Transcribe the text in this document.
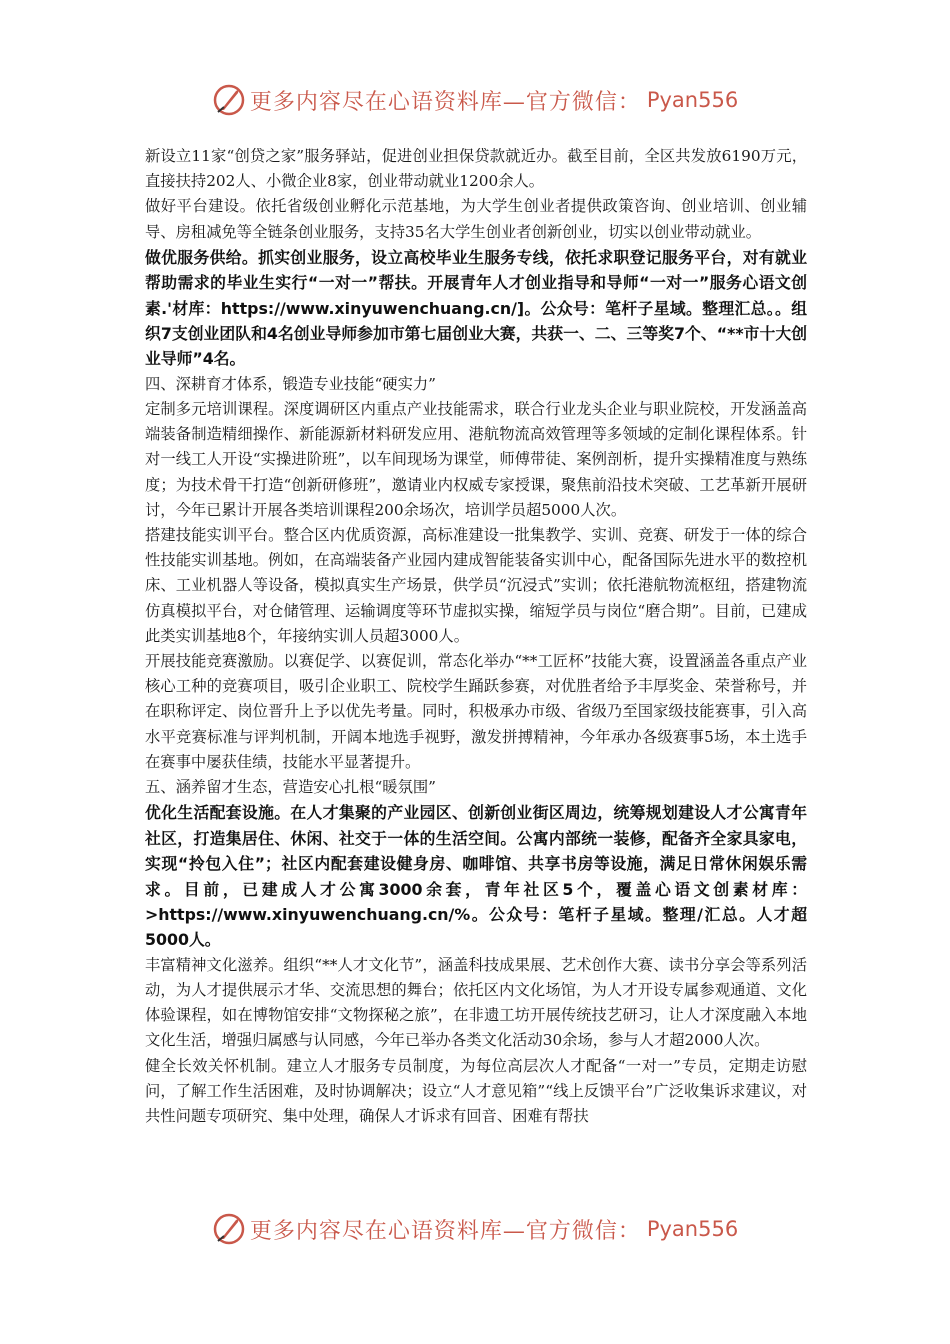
更多内容尽在心语资料库—官方微信： Pyan556

新设立11家“创贷之家”服务驿站，促进创业担保贷款就近办。截至目前，全区共发放6190万元，直接扶持202人、小微企业8家，创业带动就业1200余人。

做好平台建设。依托省级创业孵化示范基地，为大学生创业者提供政策咨询、创业培训、创业辅导、房租减免等全链条创业服务，支持35名大学生创业者创新创业，切实以创业带动就业。

做优服务供给。抓实创业服务，设立高校毕业生服务专线，依托求职登记服务平台，对有就业帮助需求的毕业生实行“一对一”帮扶。开展青年人才创业指导和导师“一对一”服务心语文创素.'材库：https://www.xinyuwenchuang.cn/]。公众号：笔杆子星域。整理汇总。。组织7支创业团队和4名创业导师参加市第七届创业大赛，共获一、二、三等奖7个、“**市十大创业导师”4名。

四、深耕育才体系，锻造专业技能“硬实力”

定制多元培训课程。深度调研区内重点产业技能需求，联合行业龙头企业与职业院校，开发涵盖高端装备制造精细操作、新能源新材料研发应用、港航物流高效管理等多领域的定制化课程体系。针对一线工人开设“实操进阶班”，以车间现场为课堂，师傅带徒、案例剖析，提升实操精准度与熟练度；为技术骨干打造“创新研修班”，邀请业内权威专家授课，聚焦前沿技术突破、工艺革新开展研讨，今年已累计开展各类培训课程200余场次，培训学员超5000人次。

搭建技能实训平台。整合区内优质资源，高标准建设一批集教学、实训、竞赛、研发于一体的综合性技能实训基地。例如，在高端装备产业园内建成智能装备实训中心，配备国际先进水平的数控机床、工业机器人等设备，模拟真实生产场景，供学员“沉浸式”实训；依托港航物流枢纽，搭建物流仿真模拟平台，对仓储管理、运输调度等环节虚拟实操，缩短学员与岗位“磨合期”。目前，已建成此类实训基地8个，年接纳实训人员超3000人。

开展技能竞赛激励。以赛促学、以赛促训，常态化举办“**工匠杯”技能大赛，设置涵盖各重点产业核心工种的竞赛项目，吸引企业职工、院校学生踊跃参赛，对优胜者给予丰厚奖金、荣誉称号，并在职称评定、岗位晋升上予以优先考量。同时，积极承办市级、省级乃至国家级技能赛事，引入高水平竞赛标准与评判机制，开阔本地选手视野，激发拼搏精神，今年承办各级赛事5场，本土选手在赛事中屡获佳绩，技能水平显著提升。

五、涵养留才生态，营造安心扎根“暖氛围”

优化生活配套设施。在人才集聚的产业园区、创新创业街区周边，统筹规划建设人才公寓青年社区，打造集居住、休闲、社交于一体的生活空间。公寓内部统一装修，配备齐全家具家电，实现“拎包入住”；社区内配套建设健身房、咖啡馆、共享书房等设施，满足日常休闲娱乐需求。目前，已建成人才公寓3000余套，青年社区5个，覆盖心语文创素材库：>https://www.xinyuwenchuang.cn/%。公众号：笔杆子星域。整理/汇总。人才超5000人。

丰富精神文化滋养。组织“**人才文化节”，涵盖科技成果展、艺术创作大赛、读书分享会等系列活动，为人才提供展示才华、交流思想的舞台；依托区内文化场馆，为人才开设专属参观通道、文化体验课程，如在博物馆安排“文物探秘之旅”，在非遗工坊开展传统技艺研习，让人才深度融入本地文化生活，增强归属感与认同感，今年已举办各类文化活动30余场，参与人才超2000人次。

健全长效关怀机制。建立人才服务专员制度，为每位高层次人才配备“一对一”专员，定期走访慰问，了解工作生活困难，及时协调解决；设立“人才意见箱”“线上反馈平台”广泛收集诉求建议，对共性问题专项研究、集中处理，确保人才诉求有回音、困难有帮扶

更多内容尽在心语资料库—官方微信： Pyan556
